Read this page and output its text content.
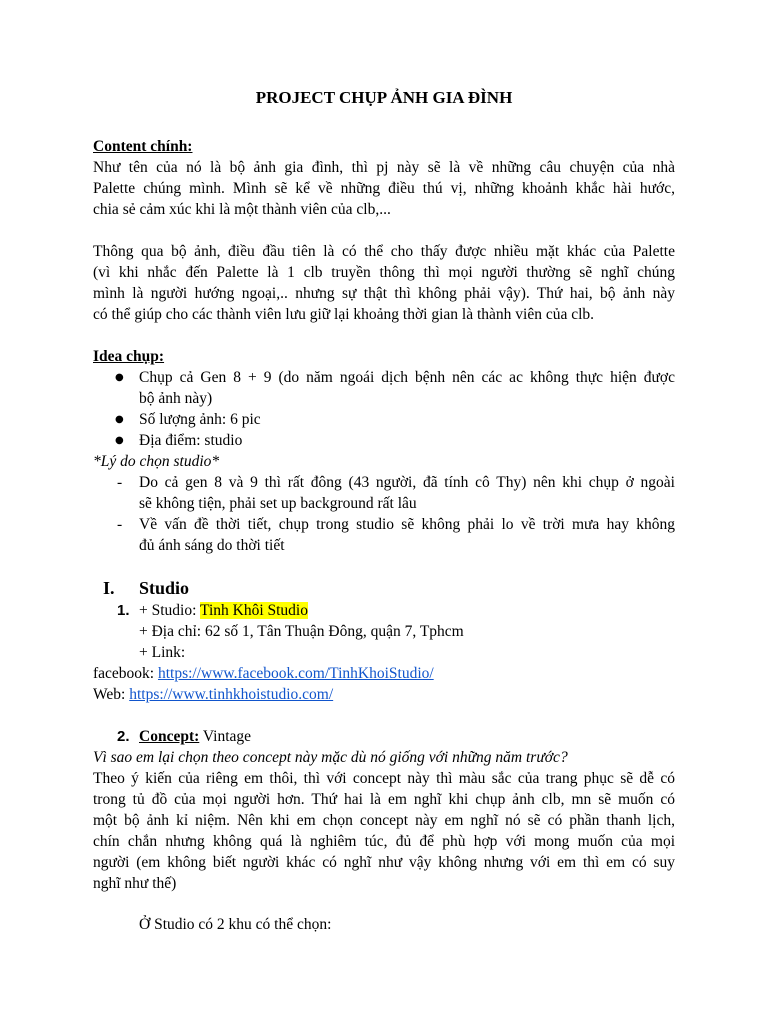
PROJECT CHỤP ẢNH GIA ĐÌNH
Content chính:
Như tên của nó là bộ ảnh gia đình, thì pj này sẽ là về những câu chuyện của nhà
Palette chúng mình. Mình sẽ kể về những điều thú vị, những khoảnh khắc hài hước,
chia sẻ cảm xúc khi là một thành viên của clb,...
Thông qua bộ ảnh, điều đầu tiên là có thể cho thấy được nhiều mặt khác của Palette
(vì khi nhắc đến Palette là 1 clb truyền thông thì mọi người thường sẽ nghĩ chúng
mình là người hướng ngoại,.. nhưng sự thật thì không phải vậy). Thứ hai, bộ ảnh này
có thể giúp cho các thành viên lưu giữ lại khoảng thời gian là thành viên của clb.
Idea chụp:
● Chụp cả Gen 8 + 9 (do năm ngoái dịch bệnh nên các ac không thực hiện được
bộ ảnh này)
● Số lượng ảnh: 6 pic
● Địa điểm: studio
*Lý do chọn studio*
- Do cả gen 8 và 9 thì rất đông (43 người, đã tính cô Thy) nên khi chụp ở ngoài
sẽ không tiện, phải set up background rất lâu
- Về vấn đề thời tiết, chụp trong studio sẽ không phải lo về trời mưa hay không
đủ ánh sáng do thời tiết
I. Studio
1. + Studio: Tinh Khôi Studio
+ Địa chỉ: 62 số 1, Tân Thuận Đông, quận 7, Tphcm
+ Link:
facebook: https://www.facebook.com/TinhKhoiStudio/
Web: https://www.tinhkhoistudio.com/
2. Concept: Vintage
Vì sao em lại chọn theo concept này mặc dù nó giống với những năm trước?
Theo ý kiến của riêng em thôi, thì với concept này thì màu sắc của trang phục sẽ dễ có
trong tủ đồ của mọi người hơn. Thứ hai là em nghĩ khi chụp ảnh clb, mn sẽ muốn có
một bộ ảnh kỉ niệm. Nên khi em chọn concept này em nghĩ nó sẽ có phần thanh lịch,
chín chắn nhưng không quá là nghiêm túc, đủ để phù hợp với mong muốn của mọi
người (em không biết người khác có nghĩ như vậy không nhưng với em thì em có suy
nghĩ như thế)
Ở Studio có 2 khu có thể chọn:
